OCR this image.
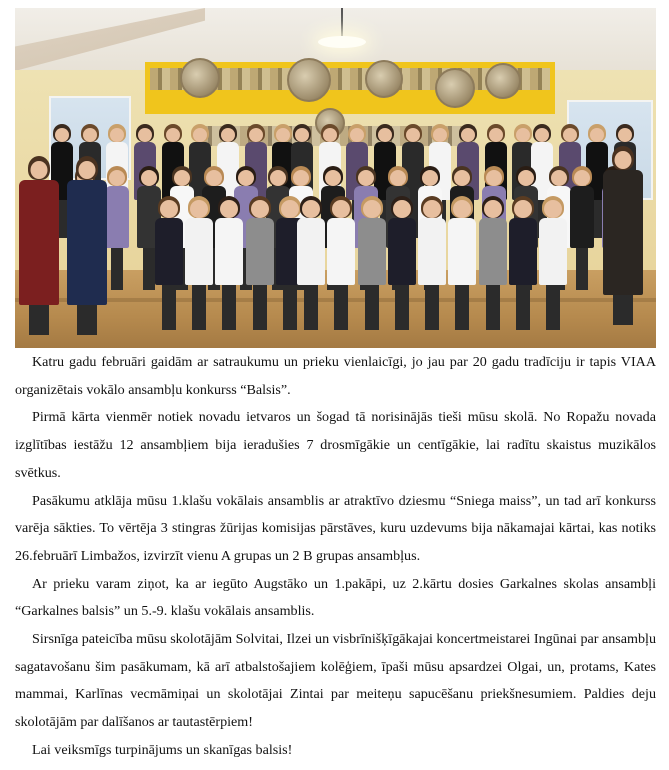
Katru gadu februāri gaidām ar satraukumu un prieku vienlaicīgi, jo jau par 20 gadu tradīciju ir tapis VIAA organizētais vokālo ansambļu konkurss “Balsis”.

Pirmā kārta vienmēr notiek novadu ietvaros un šogad tā norisinājās tieši mūsu skolā. No Ropažu novada izglītības iestāžu 12 ansambļiem bija ieradušies 7 drosmīgākie un centīgākie, lai radītu skaistus muzikālos svētkus.

Pasākumu atklāja mūsu 1.klašu vokālais ansamblis ar atraktīvo dziesmu “Sniega maiss”, un tad arī konkurss varēja sākties. To vērtēja 3 stingras žūrijas komisijas pārstāves, kuru uzdevums bija nākamajai kārtai, kas notiks 26.februārī Limbažos, izvirzīt vienu A grupas un 2 B grupas ansambļus.

Ar prieku varam ziņot, ka ar iegūto Augstāko un 1.pakāpi, uz 2.kārtu dosies Garkalnes skolas ansambļi “Garkalnes balsis” un 5.-9. klašu vokālais ansamblis.

Sirsnīga pateicība mūsu skolotājām Solvitai, Ilzei un visbrīnišķīgākajai koncertmeistarei Ingūnai par ansambļu sagatavošanu šim pasākumam, kā arī atbalstošajiem kolēģiem, īpaši mūsu apsardzei Olgai, un, protams, Kates mammai, Karlīnas vecmāmiņai un skolotājai Zintai par meiteņu sapucēšanu priekšnesumiem. Paldies deju skolotājām par dalīšanos ar tautastērpiem!

Lai veiksmīgs turpinājums un skanīgas balsis!
